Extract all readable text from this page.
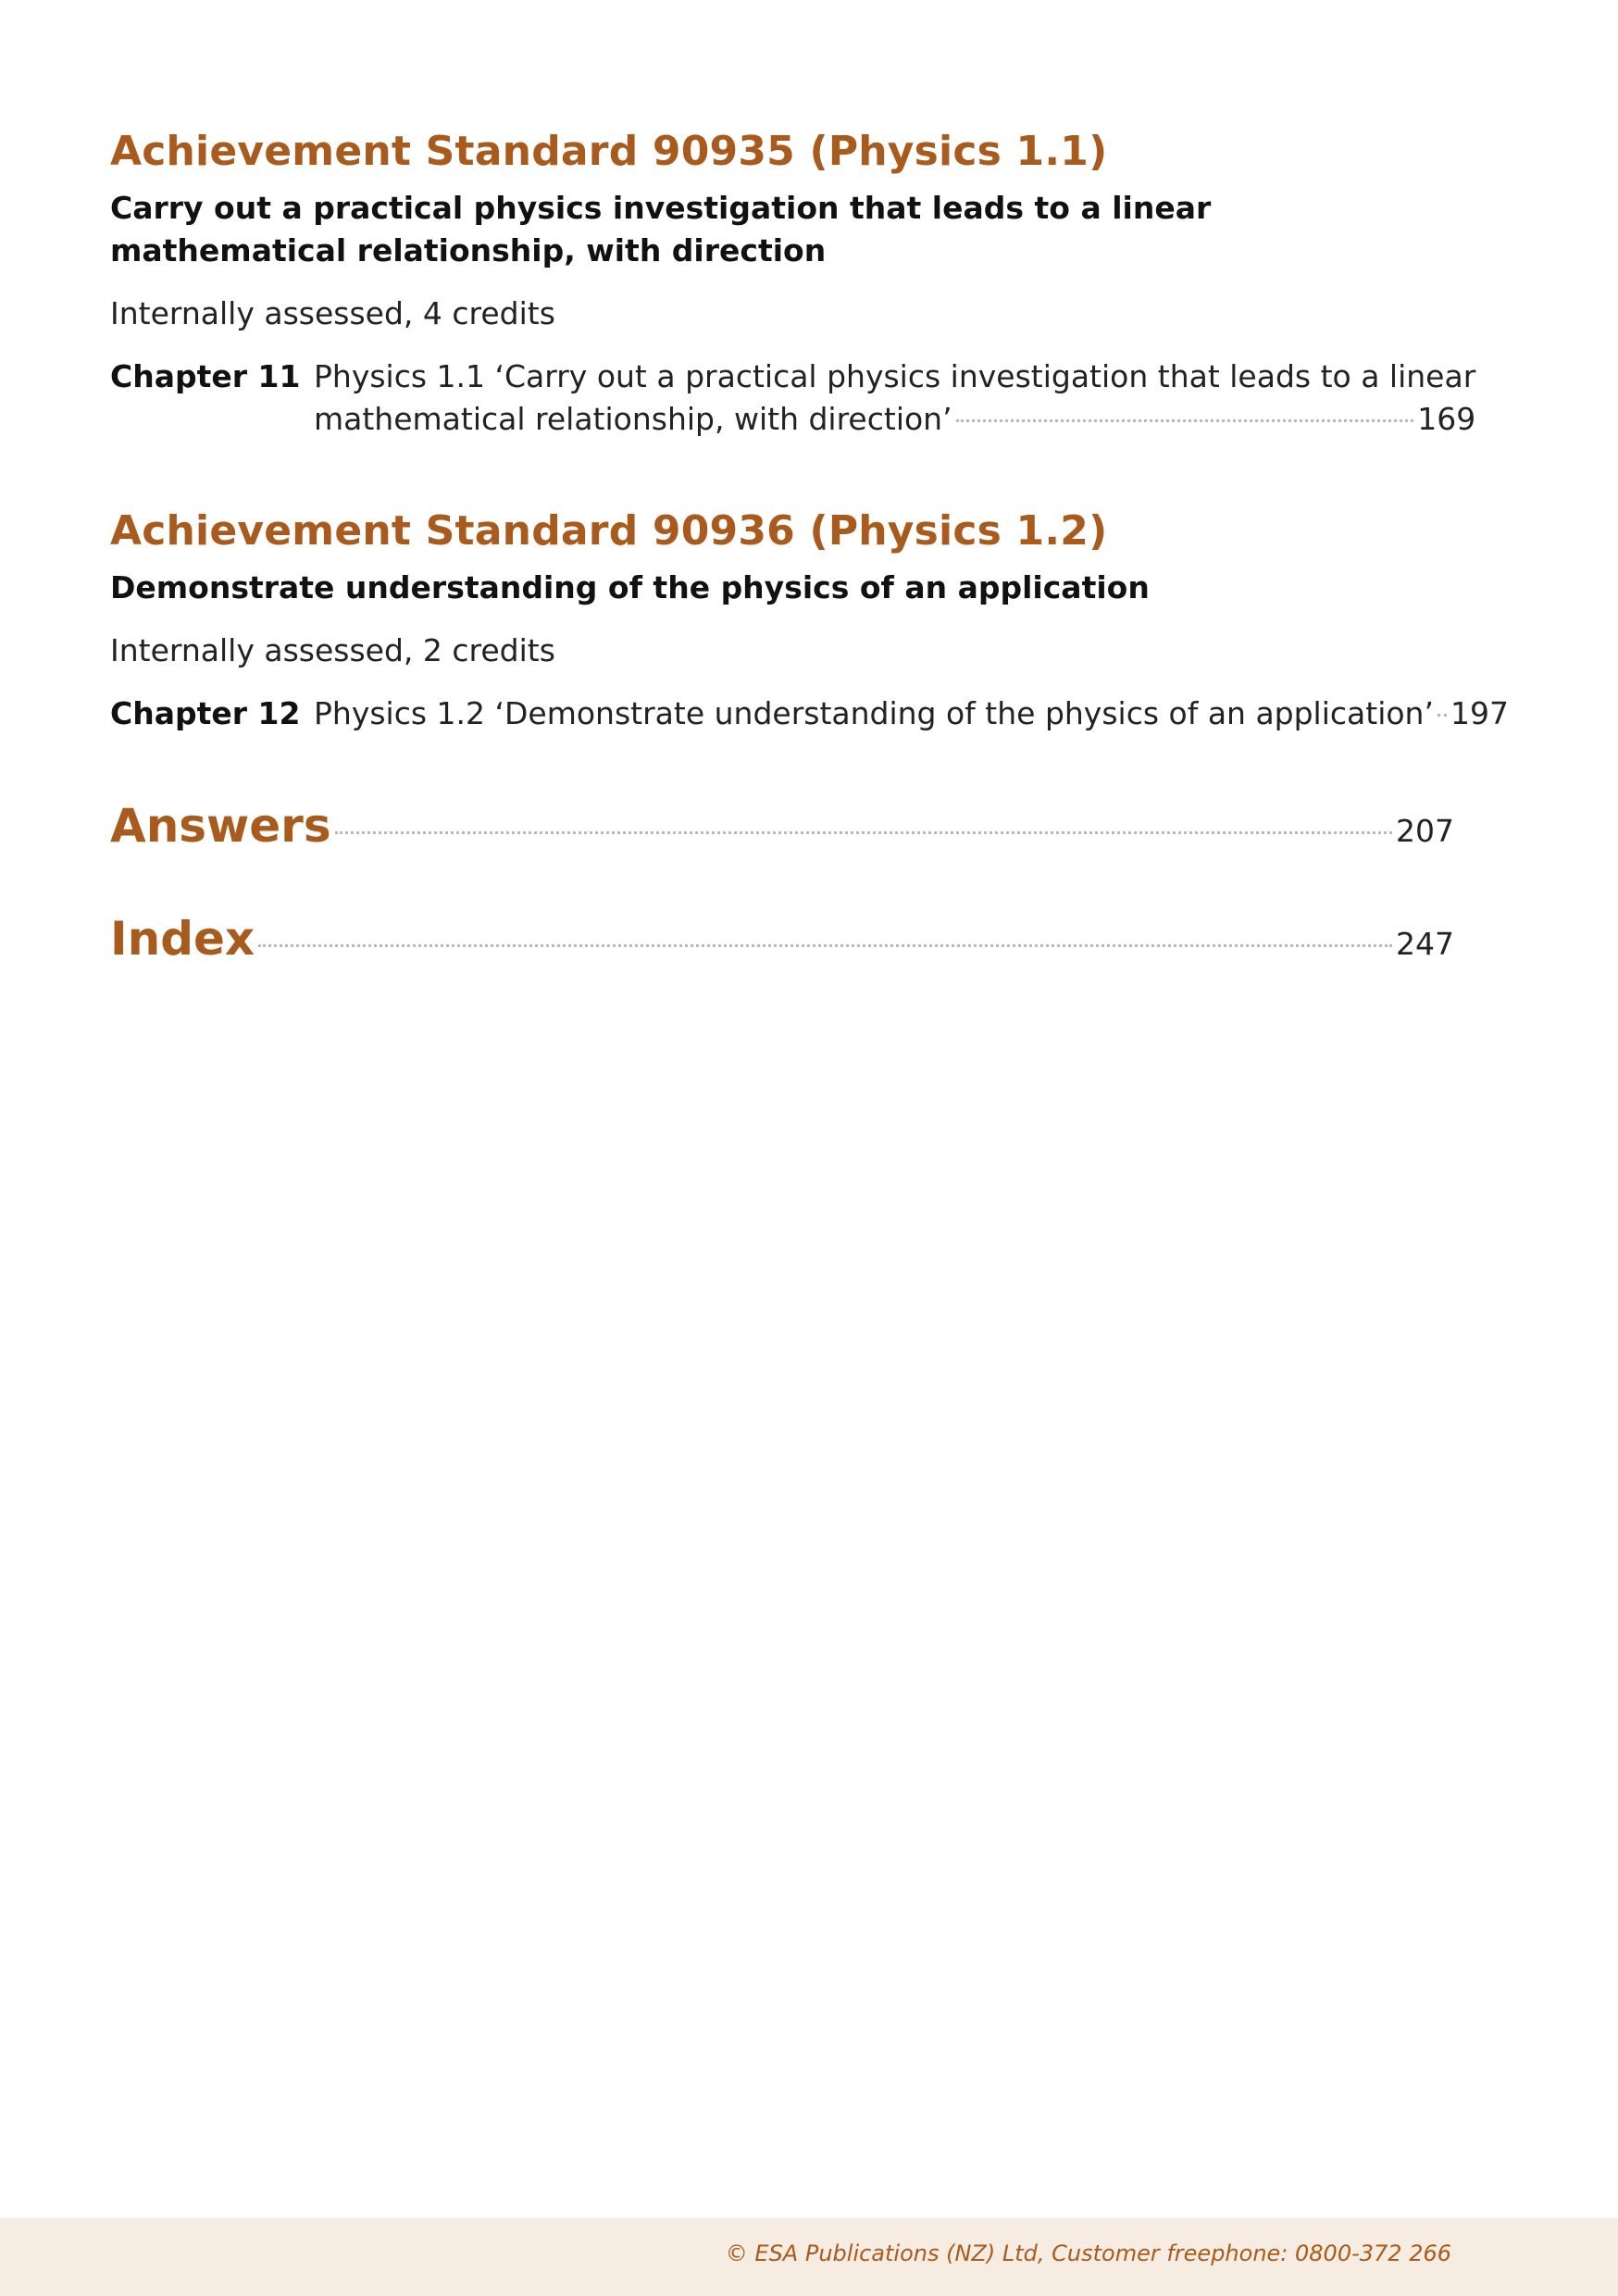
Achievement Standard 90935 (Physics 1.1)

Carry out a practical physics investigation that leads to a linear mathematical relationship, with direction

Internally assessed, 4 credits

Chapter 11 Physics 1.1 ‘Carry out a practical physics investigation that leads to a linear
mathematical relationship, with direction’	169
Achievement Standard 90936 (Physics 1.2)

Demonstrate understanding of the physics of an application

Internally assessed, 2 credits

Chapter 12 Physics 1.2 ‘Demonstrate understanding of the physics of an application’ 197
Answers	207
Index	247
© ESA Publications (NZ) Ltd, Customer freephone: 0800-372 266
